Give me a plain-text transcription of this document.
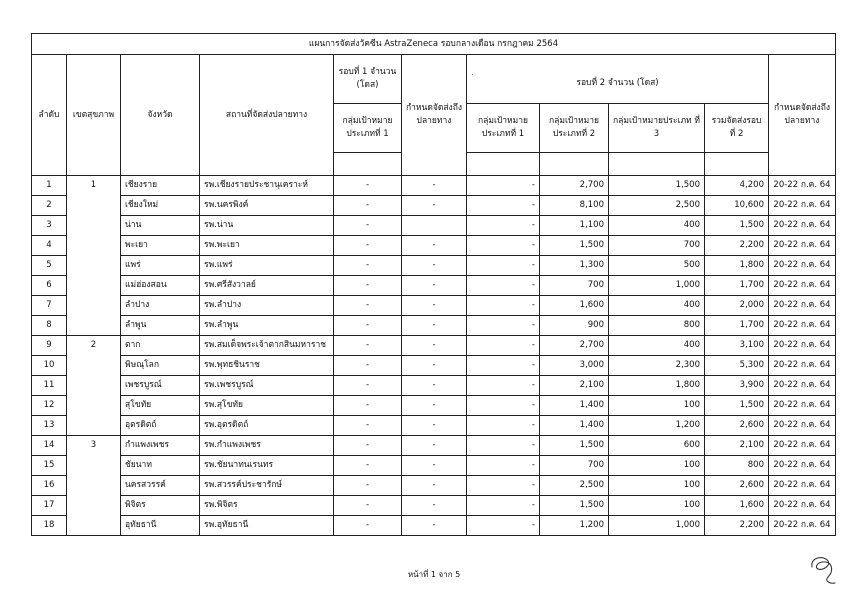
แผนการจัดส่งวัคซีน AstraZeneca รอบกลางเดือน กรกฎาคม 2564										
ลำดับ	เขตสุขภาพ	จังหวัด	สถานที่จัดส่งปลายทาง	รอบที่ 1 จำนวน (โดส)	กำหนดจัดส่งถึง ปลายทาง	.
รอบที่ 2 จำนวน (โดส)				กำหนดจัดส่งถึง ปลายทาง
				กลุ่มเป้าหมาย ประเภทที่ 1		กลุ่มเป้าหมาย ประเภทที่ 1	กลุ่มเป้าหมาย ประเภทที่ 2	กลุ่มเป้าหมายประเภท ที่ 3	รวมจัดส่งรอบที่ 2	

1	1	เชียงราย	รพ.เชียงรายประชานุเคราะห์	-	-	-	2,700	1,500	4,200	20-22 ก.ค. 64
2		เชียงใหม่	รพ.นครพิงค์	-	-	-	8,100	2,500	10,600	20-22 ก.ค. 64
3		น่าน	รพ.น่าน	-		-	1,100	400	1,500	20-22 ก.ค. 64
4		พะเยา	รพ.พะเยา	-	-	-	1,500	700	2,200	20-22 ก.ค. 64
5		แพร่	รพ.แพร่	-	-	-	1,300	500	1,800	20-22 ก.ค. 64
6		แม่ฮ่องสอน	รพ.ศรีสังวาลย์	-	-	-	700	1,000	1,700	20-22 ก.ค. 64
7		ลำปาง	รพ.ลำปาง	-	-	-	1,600	400	2,000	20-22 ก.ค. 64
8		ลำพูน	รพ.ลำพูน	-	-	-	900	800	1,700	20-22 ก.ค. 64
9	2	ตาก	รพ.สมเด็จพระเจ้าตากสินมหาราช	-	-	-	2,700	400	3,100	20-22 ก.ค. 64
10		พิษณุโลก	รพ.พุทธชินราช	-	-	-	3,000	2,300	5,300	20-22 ก.ค. 64
11		เพชรบูรณ์	รพ.เพชรบูรณ์	-	-	-	2,100	1,800	3,900	20-22 ก.ค. 64
12		สุโขทัย	รพ.สุโขทัย	-	-	-	1,400	100	1,500	20-22 ก.ค. 64
13		อุตรดิตถ์	รพ.อุตรดิตถ์	-	-	-	1,400	1,200	2,600	20-22 ก.ค. 64
14	3	กำแพงเพชร	รพ.กำแพงเพชร	-	-	-	1,500	600	2,100	20-22 ก.ค. 64
15		ชัยนาท	รพ.ชัยนาทนเรนทร	-	-	-	700	100	800	20-22 ก.ค. 64
16		นครสวรรค์	รพ.สวรรค์ประชารักษ์	-	-	-	2,500	100	2,600	20-22 ก.ค. 64
17		พิจิตร	รพ.พิจิตร	-	-	-	1,500	100	1,600	20-22 ก.ค. 64
18		อุทัยธานี	รพ.อุทัยธานี	-	-	-	1,200	1,000	2,200	20-22 ก.ค. 64
หน้าที่ 1 จาก 5
